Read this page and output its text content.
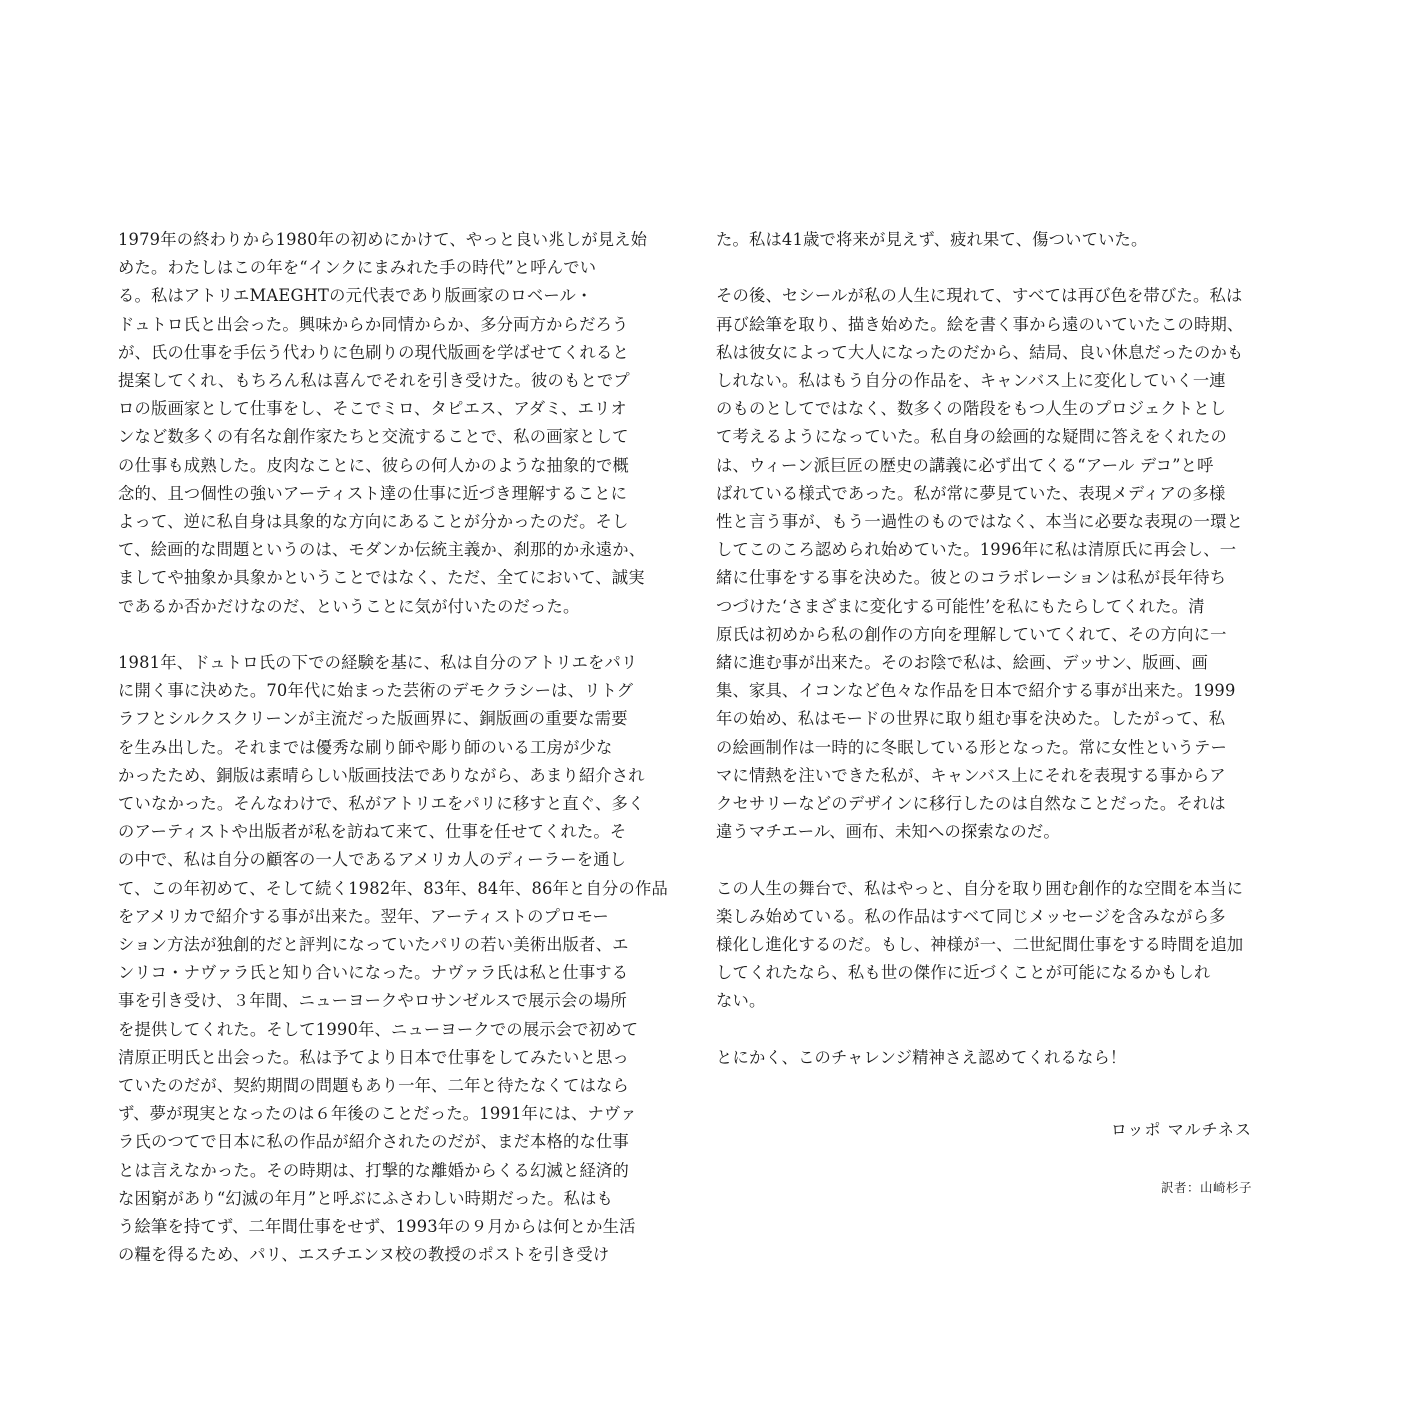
1979年の終わりから1980年の初めにかけて、やっと良い兆しが見え始

めた。わたしはこの年を“インクにまみれた手の時代”と呼んでい

る。私はアトリエMAEGHTの元代表であり版画家のロベール・

ドュトロ氏と出会った。興味からか同情からか、多分両方からだろう

が、氏の仕事を手伝う代わりに色刷りの現代版画を学ばせてくれると

提案してくれ、もちろん私は喜んでそれを引き受けた。彼のもとでプ

ロの版画家として仕事をし、そこでミロ、タピエス、アダミ、エリオ

ンなど数多くの有名な創作家たちと交流することで、私の画家として

の仕事も成熟した。皮肉なことに、彼らの何人かのような抽象的で概

念的、且つ個性の強いアーティスト達の仕事に近づき理解することに

よって、逆に私自身は具象的な方向にあることが分かったのだ。そし

て、絵画的な問題というのは、モダンか伝統主義か、刹那的か永遠か、

ましてや抽象か具象かということではなく、ただ、全てにおいて、誠実

であるか否かだけなのだ、ということに気が付いたのだった。

1981年、ドュトロ氏の下での経験を基に、私は自分のアトリエをパリ

に開く事に決めた。70年代に始まった芸術のデモクラシーは、リトグ

ラフとシルクスクリーンが主流だった版画界に、銅版画の重要な需要

を生み出した。それまでは優秀な刷り師や彫り師のいる工房が少な

かったため、銅版は素晴らしい版画技法でありながら、あまり紹介され

ていなかった。そんなわけで、私がアトリエをパリに移すと直ぐ、多く

のアーティストや出版者が私を訪ねて来て、仕事を任せてくれた。そ

の中で、私は自分の顧客の一人であるアメリカ人のディーラーを通し

て、この年初めて、そして続く1982年、83年、84年、86年と自分の作品

をアメリカで紹介する事が出来た。翌年、アーティストのプロモー

ション方法が独創的だと評判になっていたパリの若い美術出版者、エ

ンリコ・ナヴァラ氏と知り合いになった。ナヴァラ氏は私と仕事する

事を引き受け、３年間、ニューヨークやロサンゼルスで展示会の場所

を提供してくれた。そして1990年、ニューヨークでの展示会で初めて

清原正明氏と出会った。私は予てより日本で仕事をしてみたいと思っ

ていたのだが、契約期間の問題もあり一年、二年と待たなくてはなら

ず、夢が現実となったのは６年後のことだった。1991年には、ナヴァ

ラ氏のつてで日本に私の作品が紹介されたのだが、まだ本格的な仕事

とは言えなかった。その時期は、打撃的な離婚からくる幻滅と経済的

な困窮があり“幻滅の年月”と呼ぶにふさわしい時期だった。私はも

う絵筆を持てず、二年間仕事をせず、1993年の９月からは何とか生活

の糧を得るため、パリ、エスチエンヌ校の教授のポストを引き受け

た。私は41歳で将来が見えず、疲れ果て、傷ついていた。

その後、セシールが私の人生に現れて、すべては再び色を帯びた。私は

再び絵筆を取り、描き始めた。絵を書く事から遠のいていたこの時期、

私は彼女によって大人になったのだから、結局、良い休息だったのかも

しれない。私はもう自分の作品を、キャンバス上に変化していく一連

のものとしてではなく、数多くの階段をもつ人生のプロジェクトとし

て考えるようになっていた。私自身の絵画的な疑問に答えをくれたの

は、ウィーン派巨匠の歴史の講義に必ず出てくる“アール デコ”と呼

ばれている様式であった。私が常に夢見ていた、表現メディアの多様

性と言う事が、もう一過性のものではなく、本当に必要な表現の一環と

してこのころ認められ始めていた。1996年に私は清原氏に再会し、一

緒に仕事をする事を決めた。彼とのコラボレーションは私が長年待ち

つづけた‘さまざまに変化する可能性’を私にもたらしてくれた。清

原氏は初めから私の創作の方向を理解していてくれて、その方向に一

緒に進む事が出来た。そのお陰で私は、絵画、デッサン、版画、画

集、家具、イコンなど色々な作品を日本で紹介する事が出来た。1999

年の始め、私はモードの世界に取り組む事を決めた。したがって、私

の絵画制作は一時的に冬眠している形となった。常に女性というテー

マに情熱を注いできた私が、キャンバス上にそれを表現する事からア

クセサリーなどのデザインに移行したのは自然なことだった。それは

違うマチエール、画布、未知への探索なのだ。

この人生の舞台で、私はやっと、自分を取り囲む創作的な空間を本当に

楽しみ始めている。私の作品はすべて同じメッセージを含みながら多

様化し進化するのだ。もし、神様が一、二世紀間仕事をする時間を追加

してくれたなら、私も世の傑作に近づくことが可能になるかもしれ

ない。

とにかく、このチャレンジ精神さえ認めてくれるなら！

ロッポ マルチネス
訳者：山崎杉子
